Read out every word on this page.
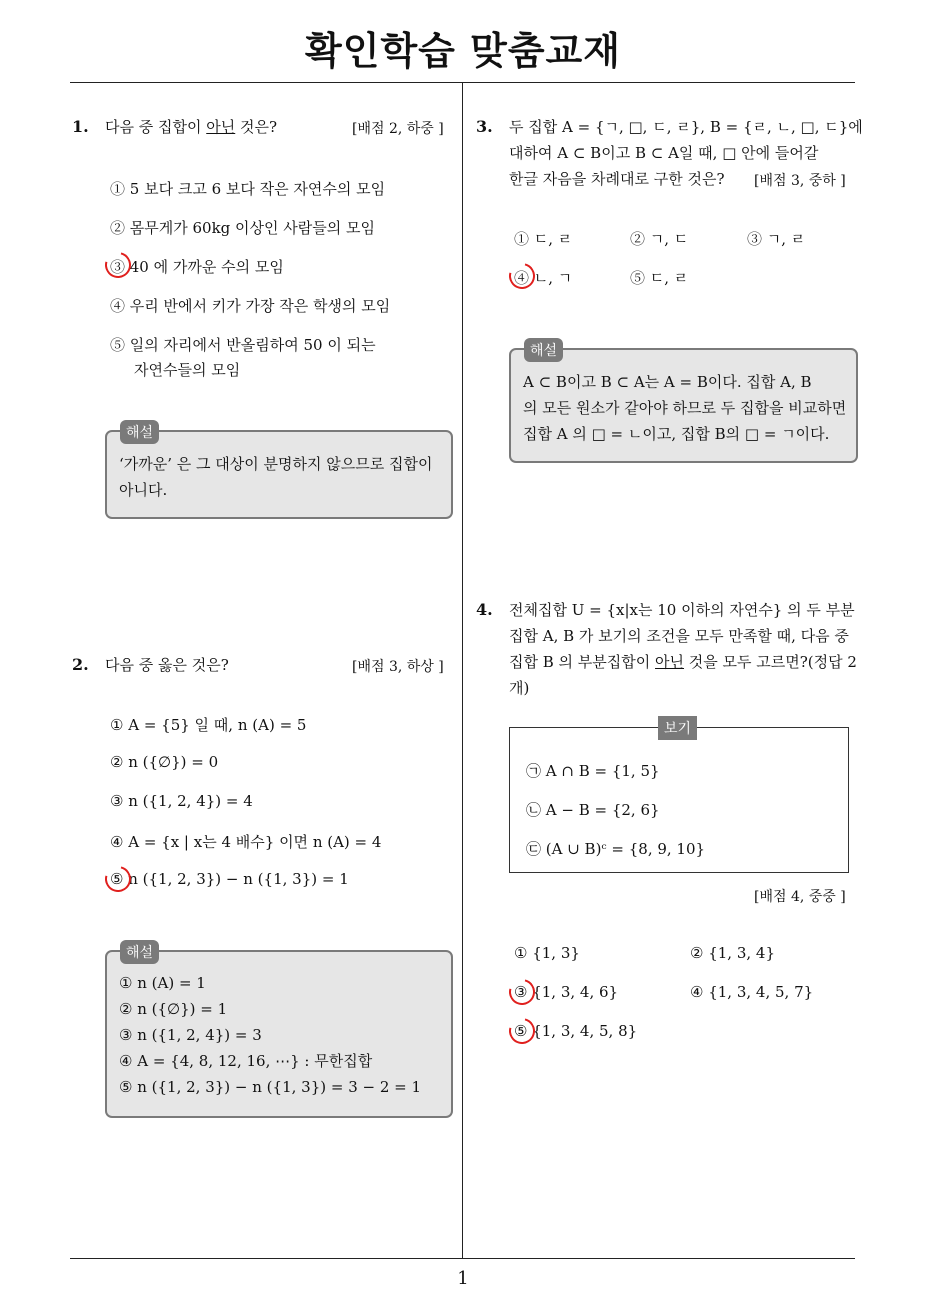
확인학습 맞춤교재
1. 다음 중 집합이 아닌 것은?	[배점 2, 하중 ]
① 5 보다 크고 6 보다 작은 자연수의 모임
② 몸무게가 60kg 이상인 사람들의 모임
③ 40 에 가까운 수의 모임
④ 우리 반에서 키가 가장 작은 학생의 모임
⑤ 일의 자리에서 반올림하여 50 이 되는
자연수들의 모임
‘가까운’ 은 그 대상이 분명하지 않으므로 집합이
아니다.
해설
2. 다음 중 옳은 것은?	[배점 3, 하상 ]
① A = {5} 일 때, n (A) = 5
② n ({∅}) = 0
③ n ({1, 2, 4}) = 4
④ A = {x | x는 4 배수} 이면 n (A) = 4
⑤ n ({1, 2, 3}) − n ({1, 3}) = 1
① n (A) = 1
② n ({∅}) = 1
③ n ({1, 2, 4}) = 3
④ A = {4, 8, 12, 16, ⋯} : 무한집합
⑤ n ({1, 2, 3}) − n ({1, 3}) = 3 − 2 = 1
해설
3. 두 집합 A = {ㄱ, □, ㄷ, ㄹ}, B = {ㄹ, ㄴ, □, ㄷ}에
대하여 A ⊂ B이고 B ⊂ A일 때, □ 안에 들어갈
한글 자음을 차례대로 구한 것은?	[배점 3, 중하 ]
① ㄷ, ㄹ	② ㄱ, ㄷ	③ ㄱ, ㄹ
④ ㄴ, ㄱ	⑤ ㄷ, ㄹ
A ⊂ B이고 B ⊂ A는 A = B이다. 집합 A, B
의 모든 원소가 같아야 하므로 두 집합을 비교하면
집합 A 의 □ = ㄴ이고, 집합 B의 □ = ㄱ이다.
해설
4. 전체집합 U = {x|x는 10 이하의 자연수} 의 두 부분
집합 A, B 가 보기의 조건을 모두 만족할 때, 다음 중
집합 B 의 부분집합이 아닌 것을 모두 고르면?(정답 2
개)
㉠ A ∩ B = {1, 5}
㉡ A − B = {2, 6}
㉢ (A ∪ B)ᶜ = {8, 9, 10}
보기
[배점 4, 중중 ]
① {1, 3}	② {1, 3, 4}
③ {1, 3, 4, 6}	④ {1, 3, 4, 5, 7}
⑤ {1, 3, 4, 5, 8}
1
